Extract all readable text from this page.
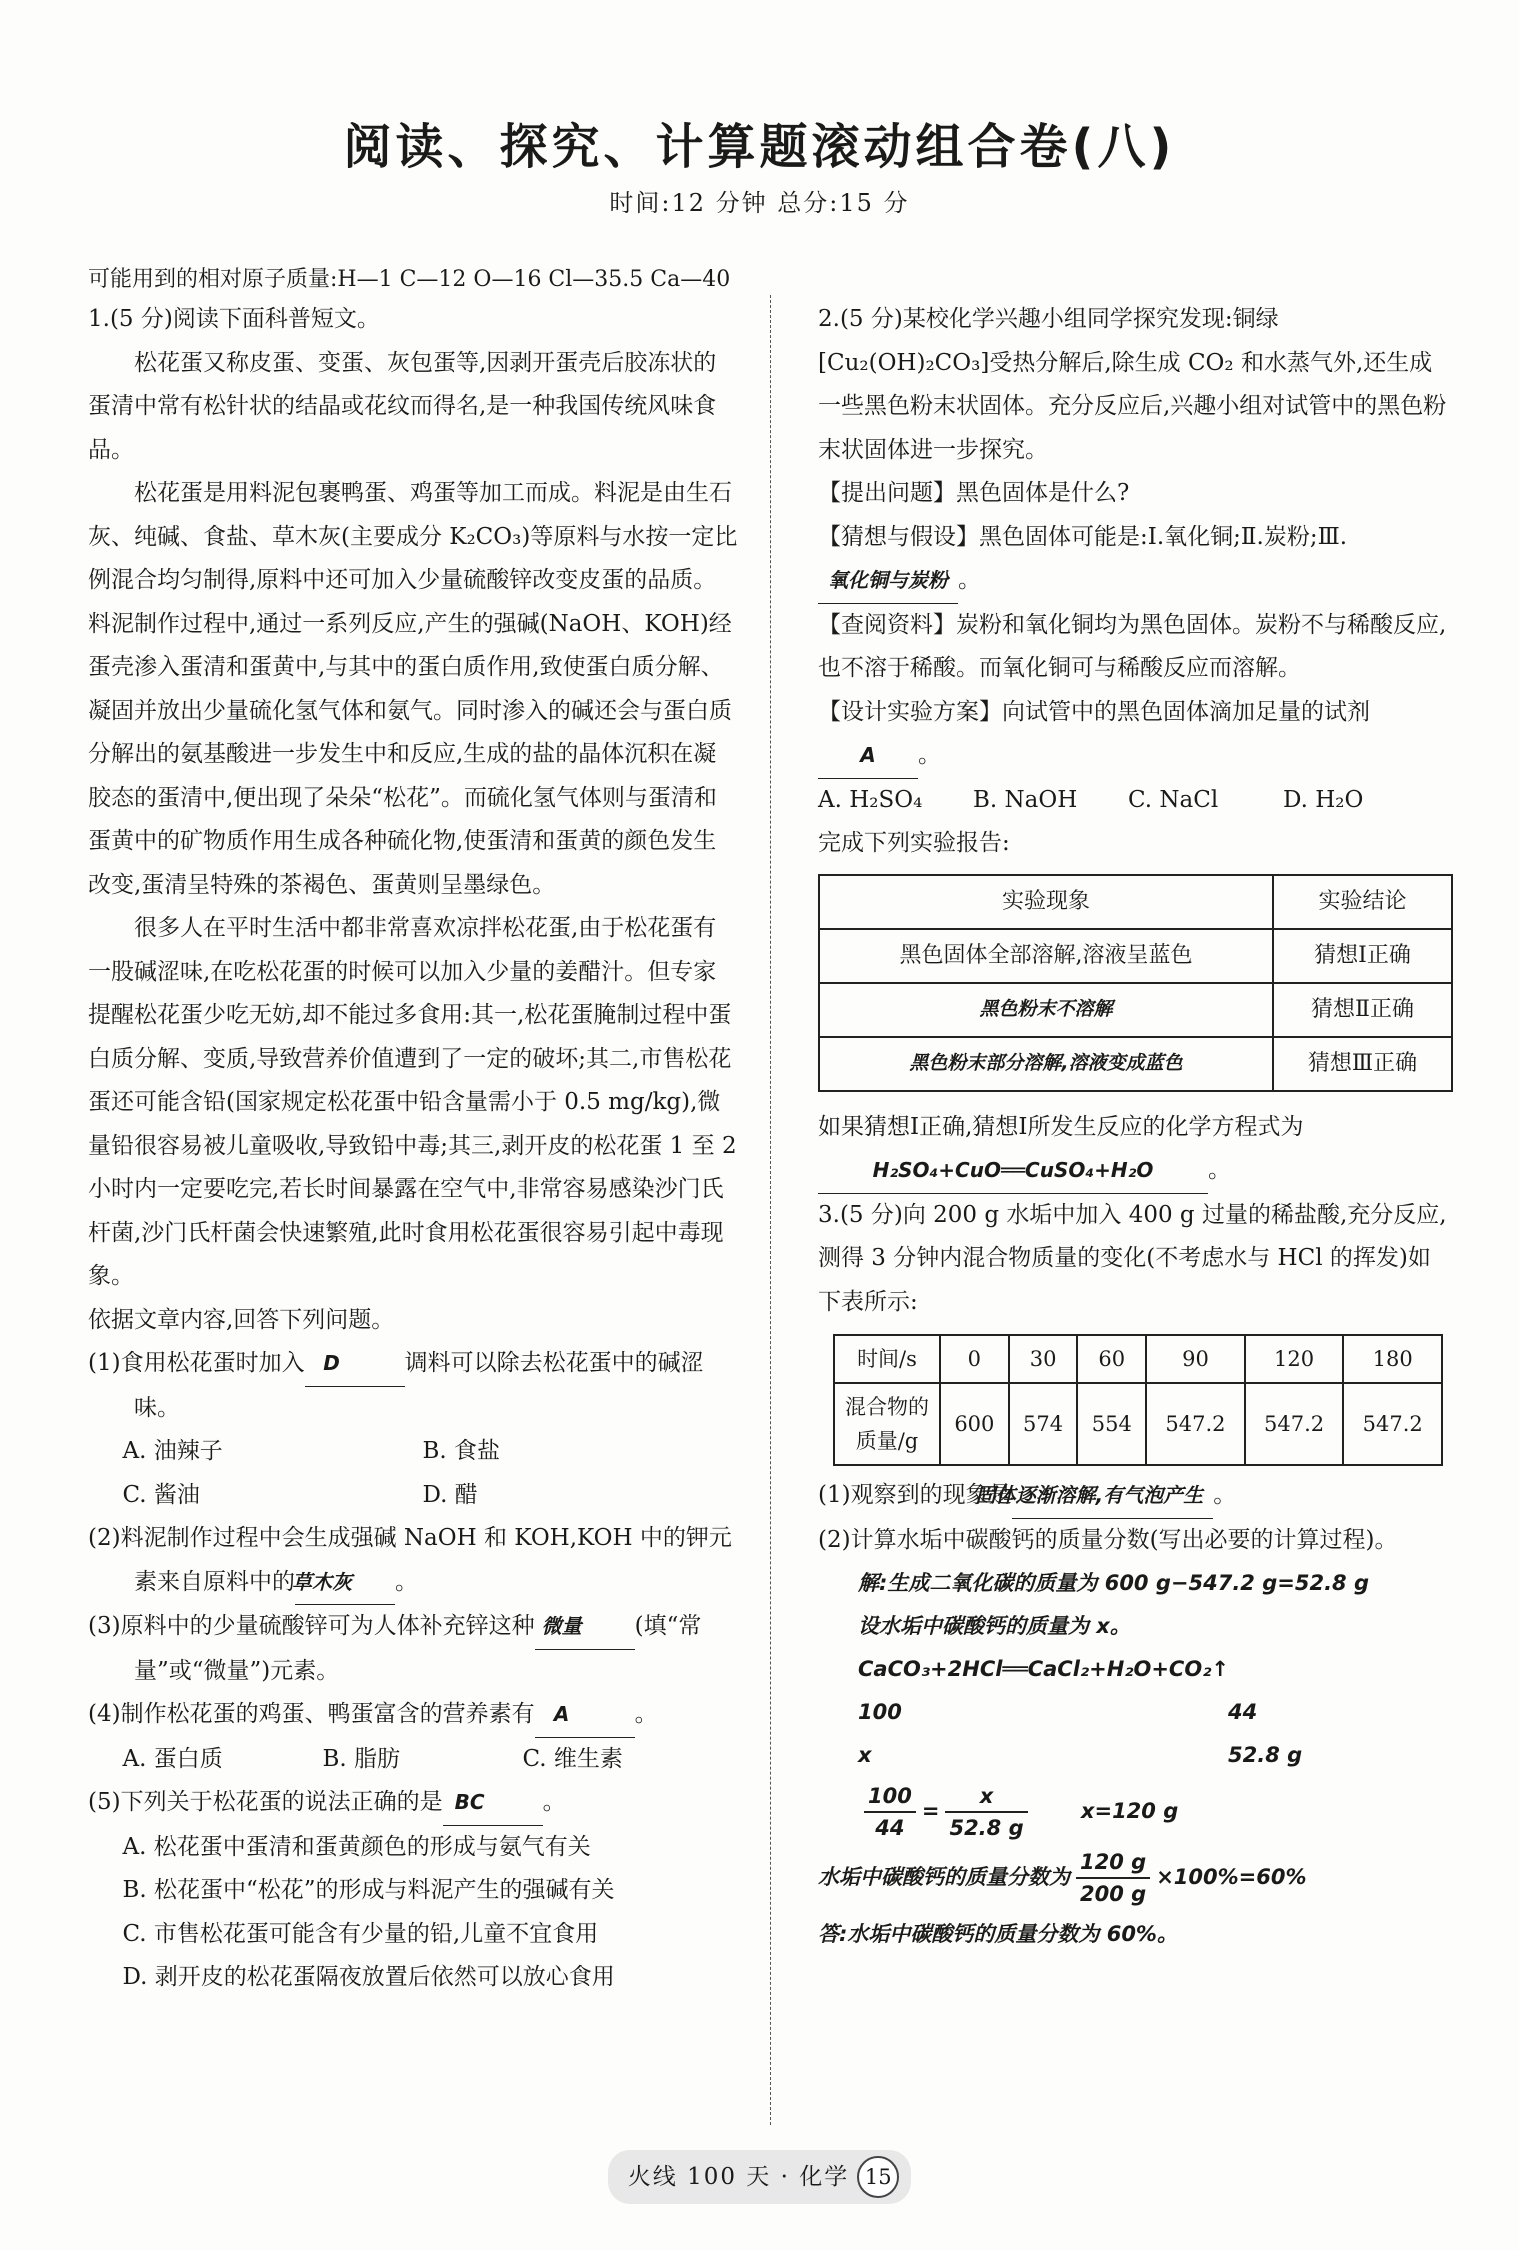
阅读、探究、计算题滚动组合卷(八)
时间:12 分钟 总分:15 分
可能用到的相对原子质量:H—1 C—12 O—16 Cl—35.5 Ca—40

1.(5 分)阅读下面科普短文。

松花蛋又称皮蛋、变蛋、灰包蛋等,因剥开蛋壳后胶冻状的蛋清中常有松针状的结晶或花纹而得名,是一种我国传统风味食品。

松花蛋是用料泥包裹鸭蛋、鸡蛋等加工而成。料泥是由生石灰、纯碱、食盐、草木灰(主要成分 K₂CO₃)等原料与水按一定比例混合均匀制得,原料中还可加入少量硫酸锌改变皮蛋的品质。料泥制作过程中,通过一系列反应,产生的强碱(NaOH、KOH)经蛋壳渗入蛋清和蛋黄中,与其中的蛋白质作用,致使蛋白质分解、凝固并放出少量硫化氢气体和氨气。同时渗入的碱还会与蛋白质分解出的氨基酸进一步发生中和反应,生成的盐的晶体沉积在凝胶态的蛋清中,便出现了朵朵“松花”。而硫化氢气体则与蛋清和蛋黄中的矿物质作用生成各种硫化物,使蛋清和蛋黄的颜色发生改变,蛋清呈特殊的茶褐色、蛋黄则呈墨绿色。

很多人在平时生活中都非常喜欢凉拌松花蛋,由于松花蛋有一股碱涩味,在吃松花蛋的时候可以加入少量的姜醋汁。但专家提醒松花蛋少吃无妨,却不能过多食用:其一,松花蛋腌制过程中蛋白质分解、变质,导致营养价值遭到了一定的破坏;其二,市售松花蛋还可能含铅(国家规定松花蛋中铅含量需小于 0.5 mg/kg),微量铅很容易被儿童吸收,导致铅中毒;其三,剥开皮的松花蛋 1 至 2 小时内一定要吃完,若长时间暴露在空气中,非常容易感染沙门氏杆菌,沙门氏杆菌会快速繁殖,此时食用松花蛋很容易引起中毒现象。

依据文章内容,回答下列问题。

(1)食用松花蛋时加入 D	调料可以除去松花蛋中的碱涩味。

A. 油辣子	B. 食盐
C. 酱油	D. 醋

(2)料泥制作过程中会生成强碱 NaOH 和 KOH,KOH 中的钾元素来自原料中的草木灰 。

(3)原料中的少量硫酸锌可为人体补充锌这种 微量 (填“常量”或“微量”)元素。

(4)制作松花蛋的鸡蛋、鸭蛋富含的营养素有 A	。

A. 蛋白质	B. 脂肪	C. 维生素

(5)下列关于松花蛋的说法正确的是 BC	。

A. 松花蛋中蛋清和蛋黄颜色的形成与氨气有关

B. 松花蛋中“松花”的形成与料泥产生的强碱有关

C. 市售松花蛋可能含有少量的铅,儿童不宜食用

D. 剥开皮的松花蛋隔夜放置后依然可以放心食用

2.(5 分)某校化学兴趣小组同学探究发现:铜绿[Cu₂(OH)₂CO₃]受热分解后,除生成 CO₂ 和水蒸气外,还生成一些黑色粉末状固体。充分反应后,兴趣小组对试管中的黑色粉末状固体进一步探究。

【提出问题】黑色固体是什么?

【猜想与假设】黑色固体可能是:Ⅰ.氧化铜;Ⅱ.炭粉;Ⅲ.氧化铜与炭粉 。

【查阅资料】炭粉和氧化铜均为黑色固体。炭粉不与稀酸反应,也不溶于稀酸。而氧化铜可与稀酸反应而溶解。

【设计实验方案】向试管中的黑色固体滴加足量的试剂A 。

A. H₂SO₄	B. NaOH	C. NaCl	D. H₂O

完成下列实验报告:

实验现象	实验结论
黑色固体全部溶解,溶液呈蓝色	猜想Ⅰ正确
黑色粉末不溶解	猜想Ⅱ正确
黑色粉末部分溶解,溶液变成蓝色	猜想Ⅲ正确

如果猜想Ⅰ正确,猜想Ⅰ所发生反应的化学方程式为

H₂SO₄+CuO══CuSO₄+H₂O 。

3.(5 分)向 200 g 水垢中加入 400 g 过量的稀盐酸,充分反应,测得 3 分钟内混合物质量的变化(不考虑水与 HCl 的挥发)如下表所示:

时间/s	0	30	60	90	120	180
混合物的质量/g	600	574	554	547.2	547.2	547.2

(1)观察到的现象是固体逐渐溶解,有气泡产生 。

(2)计算水垢中碳酸钙的质量分数(写出必要的计算过程)。

解:生成二氧化碳的质量为 600 g−547.2 g=52.8 g
设水垢中碳酸钙的质量为 x。
CaCO₃+2HCl══CaCl₂+H₂O+CO₂↑
100	44
x	52.8 g
$\frac{100}{44} = \frac{x}{52.8 g}$	x=120 g
水垢中碳酸钙的质量分数为 $\frac{120 g}{200 g} \times 100\%=60\%$
答:水垢中碳酸钙的质量分数为 60%。
火线 100 天 · 化学 15
